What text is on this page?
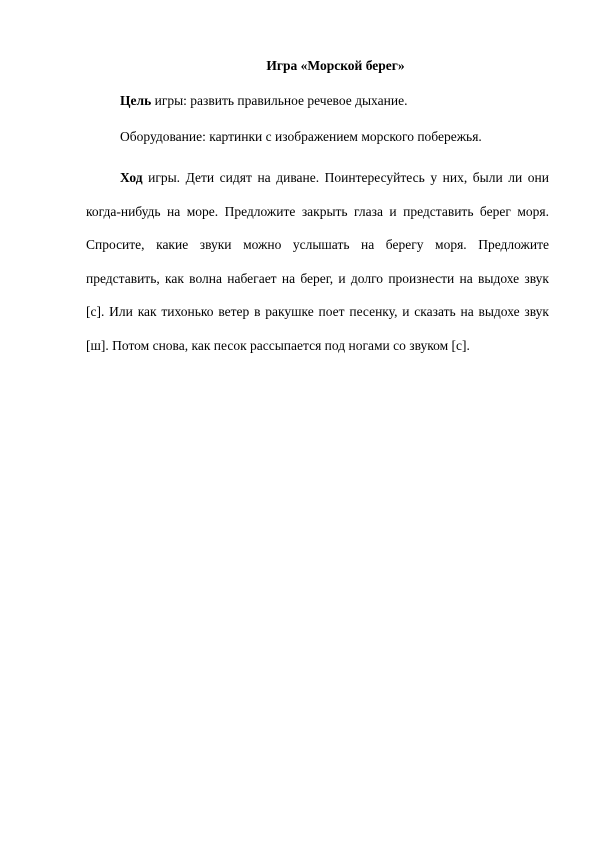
Игра «Морской берег»

Цель игры: развить правильное речевое дыхание.

Оборудование: картинки с изображением морского побережья.

Ход игры. Дети сидят на диване. Поинтересуйтесь у них, были ли они когда-нибудь на море. Предложите закрыть глаза и представить берег моря. Спросите, какие звуки можно услышать на берегу моря. Предложите представить, как волна набегает на берег, и долго произнести на выдохе звук [с]. Или как тихонько ветер в ракушке поет песенку, и сказать на выдохе звук [ш]. Потом снова, как песок рассыпается под ногами со звуком [с].
